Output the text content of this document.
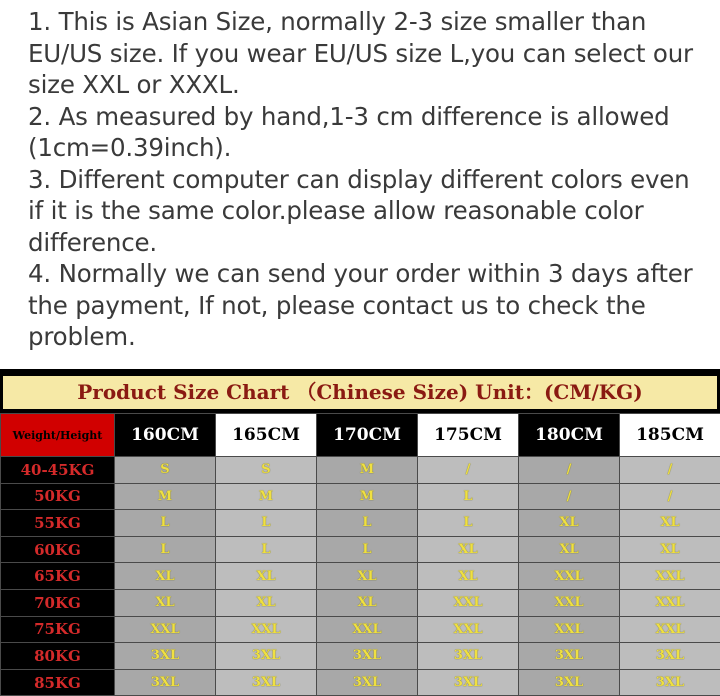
1. This is Asian Size, normally 2-3 size smaller than EU/US size. If you wear EU/US size L,you can select our size XXL or XXXL.

2. As measured by hand,1-3 cm difference is allowed (1cm=0.39inch).

3. Different computer can display different colors even if it is the same color.please allow reasonable color difference.

4. Normally we can send your order within 3 days after the payment, If not, please contact us to check the problem.

Product Size Chart （Chinese Size) Unit：(CM/KG)
Weight/Height	160CM	165CM	170CM	175CM	180CM	185CM
40-45KG	S	S	M	/	/	/
50KG	M	M	M	L	/	/
55KG	L	L	L	L	XL	XL
60KG	L	L	L	XL	XL	XL
65KG	XL	XL	XL	XL	XXL	XXL
70KG	XL	XL	XL	XXL	XXL	XXL
75KG	XXL	XXL	XXL	XXL	XXL	XXL
80KG	3XL	3XL	3XL	3XL	3XL	3XL
85KG	3XL	3XL	3XL	3XL	3XL	3XL
